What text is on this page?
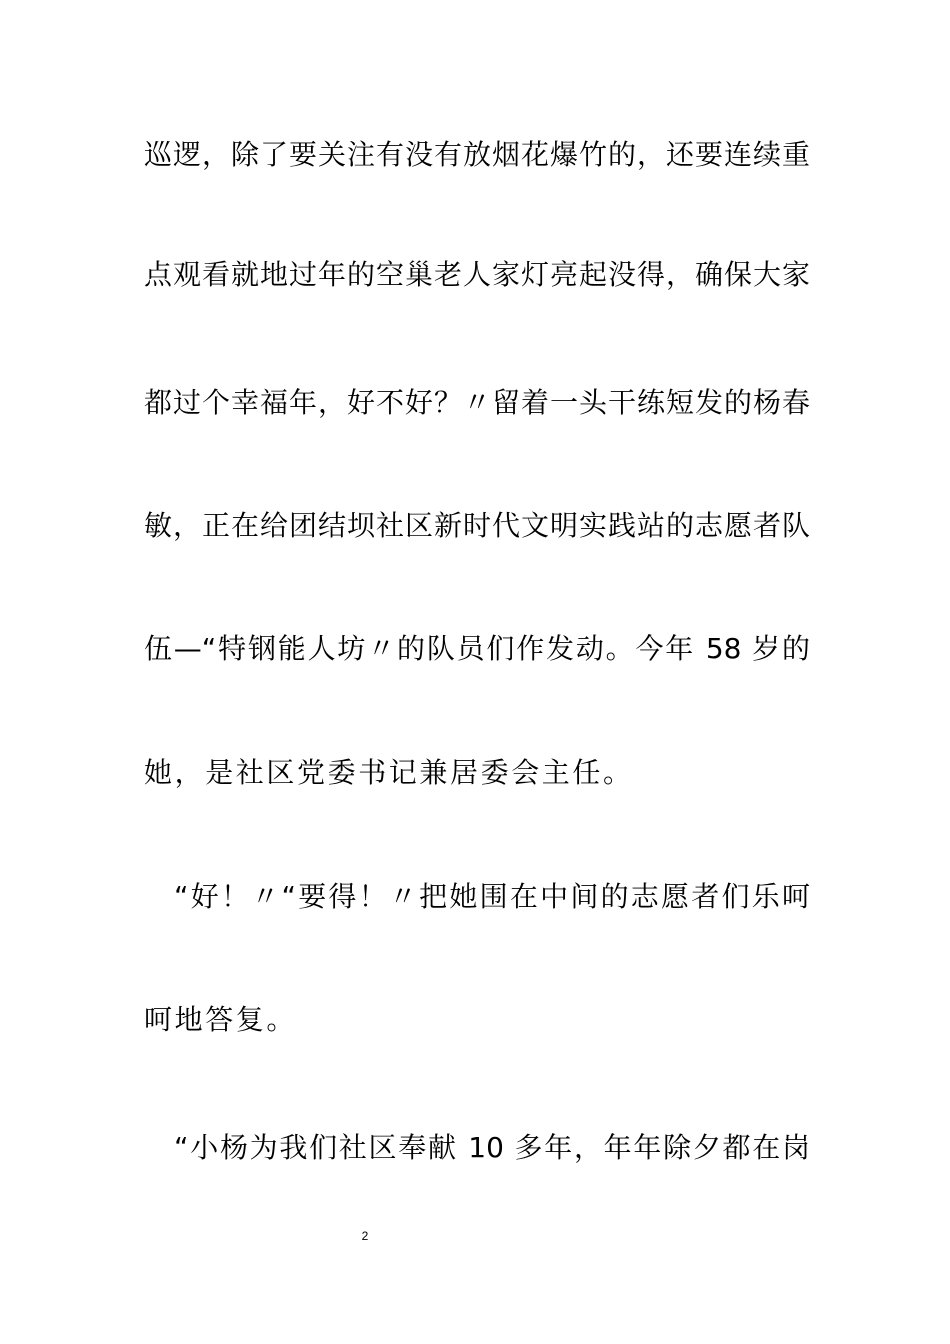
巡逻，除了要关注有没有放烟花爆竹的，还要连续重
点观看就地过年的空巢老人家灯亮起没得，确保大家
都过个幸福年，好不好？〃留着一头干练短发的杨春
敏，正在给团结坝社区新时代文明实践站的志愿者队
伍—“特钢能人坊〃的队员们作发动。今年 58 岁的
她，是社区党委书记兼居委会主任。
“好！〃“要得！〃把她围在中间的志愿者们乐呵
呵地答复。
“小杨为我们社区奉献 10 多年，年年除夕都在岗
2
